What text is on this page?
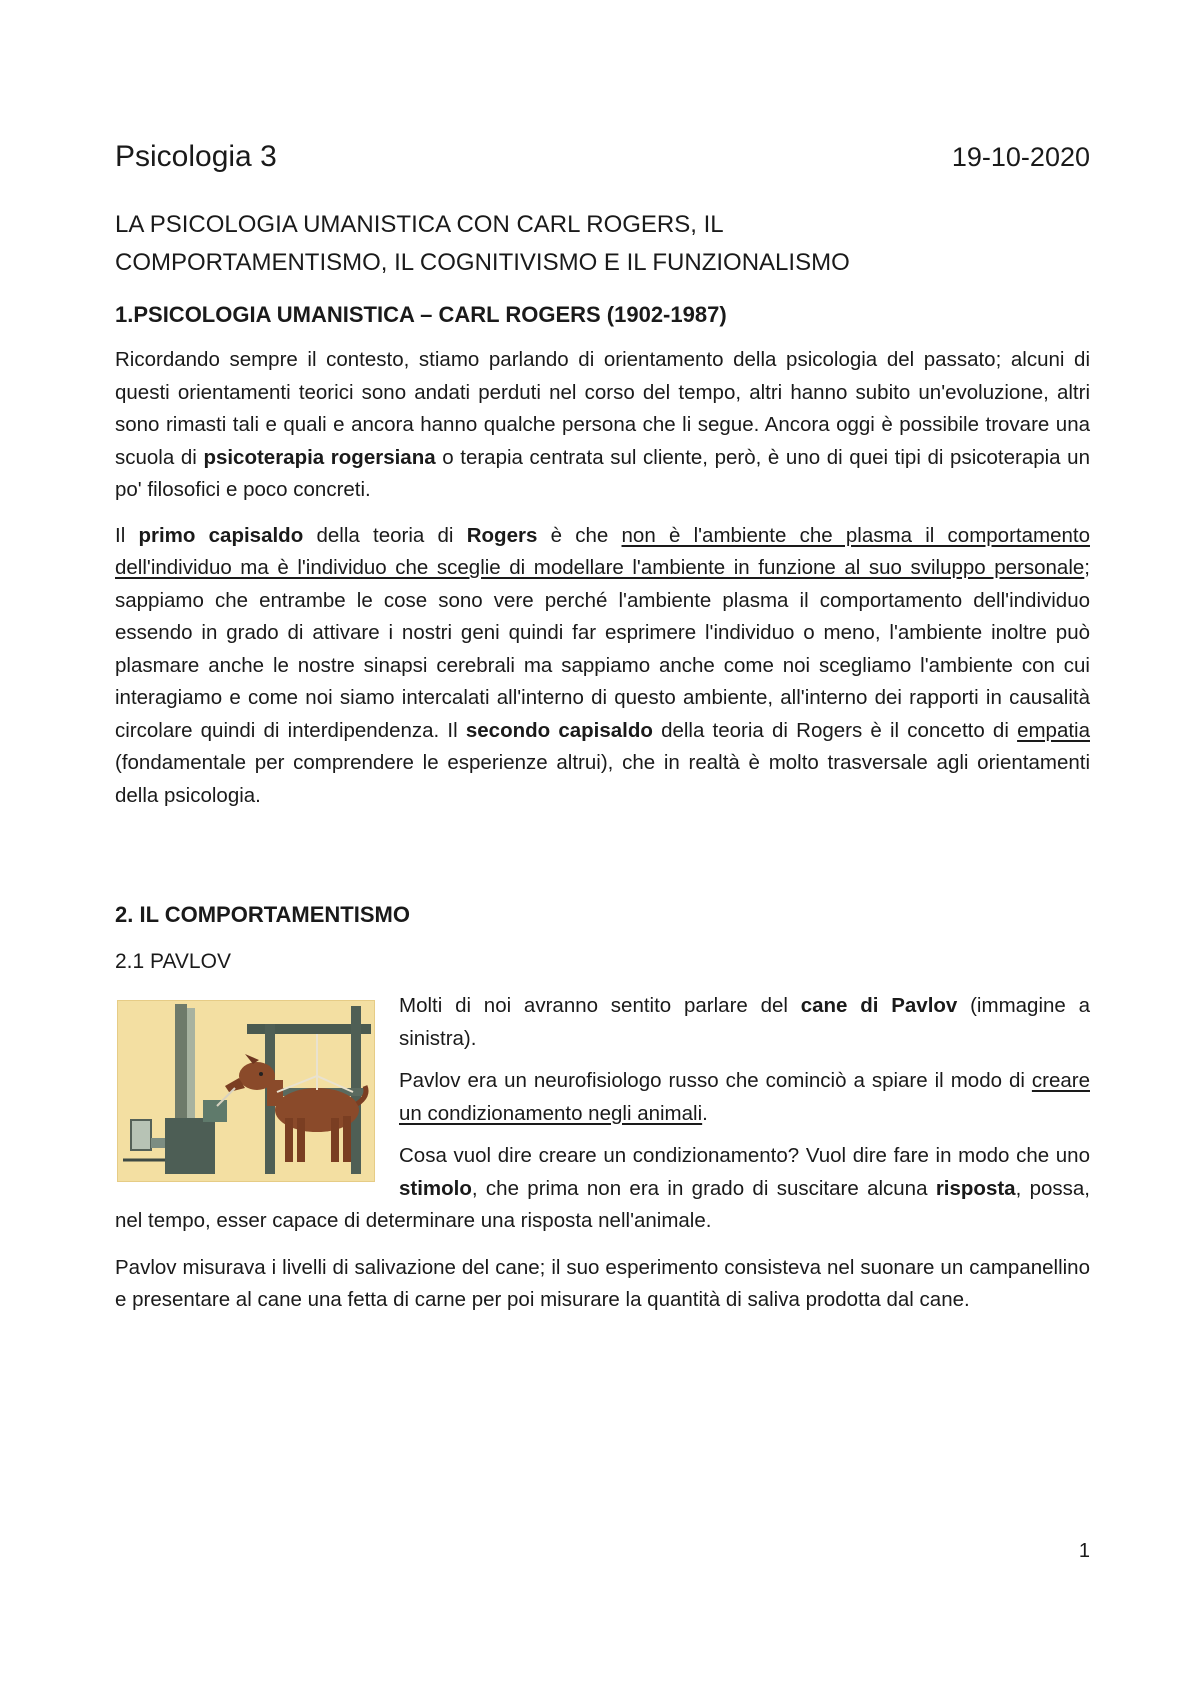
Psicologia 3	19-10-2020
LA PSICOLOGIA UMANISTICA CON CARL ROGERS, IL
COMPORTAMENTISMO, IL COGNITIVISMO E IL FUNZIONALISMO
1.PSICOLOGIA UMANISTICA – CARL ROGERS (1902-1987)

Ricordando sempre il contesto, stiamo parlando di orientamento della psicologia del passato; alcuni di questi orientamenti teorici sono andati perduti nel corso del tempo, altri hanno subito un'evoluzione, altri sono rimasti tali e quali e ancora hanno qualche persona che li segue. Ancora oggi è possibile trovare una scuola di psicoterapia rogersiana o terapia centrata sul cliente, però, è uno di quei tipi di psicoterapia un po' filosofici e poco concreti.

Il primo capisaldo della teoria di Rogers è che non è l'ambiente che plasma il comportamento dell'individuo ma è l'individuo che sceglie di modellare l'ambiente in funzione al suo sviluppo personale; sappiamo che entrambe le cose sono vere perché l'ambiente plasma il comportamento dell'individuo essendo in grado di attivare i nostri geni quindi far esprimere l'individuo o meno, l'ambiente inoltre può plasmare anche le nostre sinapsi cerebrali ma sappiamo anche come noi scegliamo l'ambiente con cui interagiamo e come noi siamo intercalati all'interno di questo ambiente, all'interno dei rapporti in causalità circolare quindi di interdipendenza. Il secondo capisaldo della teoria di Rogers è il concetto di empatia (fondamentale per comprendere le esperienze altrui), che in realtà è molto trasversale agli orientamenti della psicologia.

2. IL COMPORTAMENTISMO
2.1 PAVLOV

Molti di noi avranno sentito parlare del cane di Pavlov (immagine a sinistra).

Pavlov era un neurofisiologo russo che cominciò a spiare il modo di creare un condizionamento negli animali.

Cosa vuol dire creare un condizionamento? Vuol dire fare in modo che uno stimolo, che prima non era in grado di suscitare alcuna risposta, possa, nel tempo, esser capace di determinare una risposta nell'animale.

Pavlov misurava i livelli di salivazione del cane; il suo esperimento consisteva nel suonare un campanellino e presentare al cane una fetta di carne per poi misurare la quantità di saliva prodotta dal cane.

1
